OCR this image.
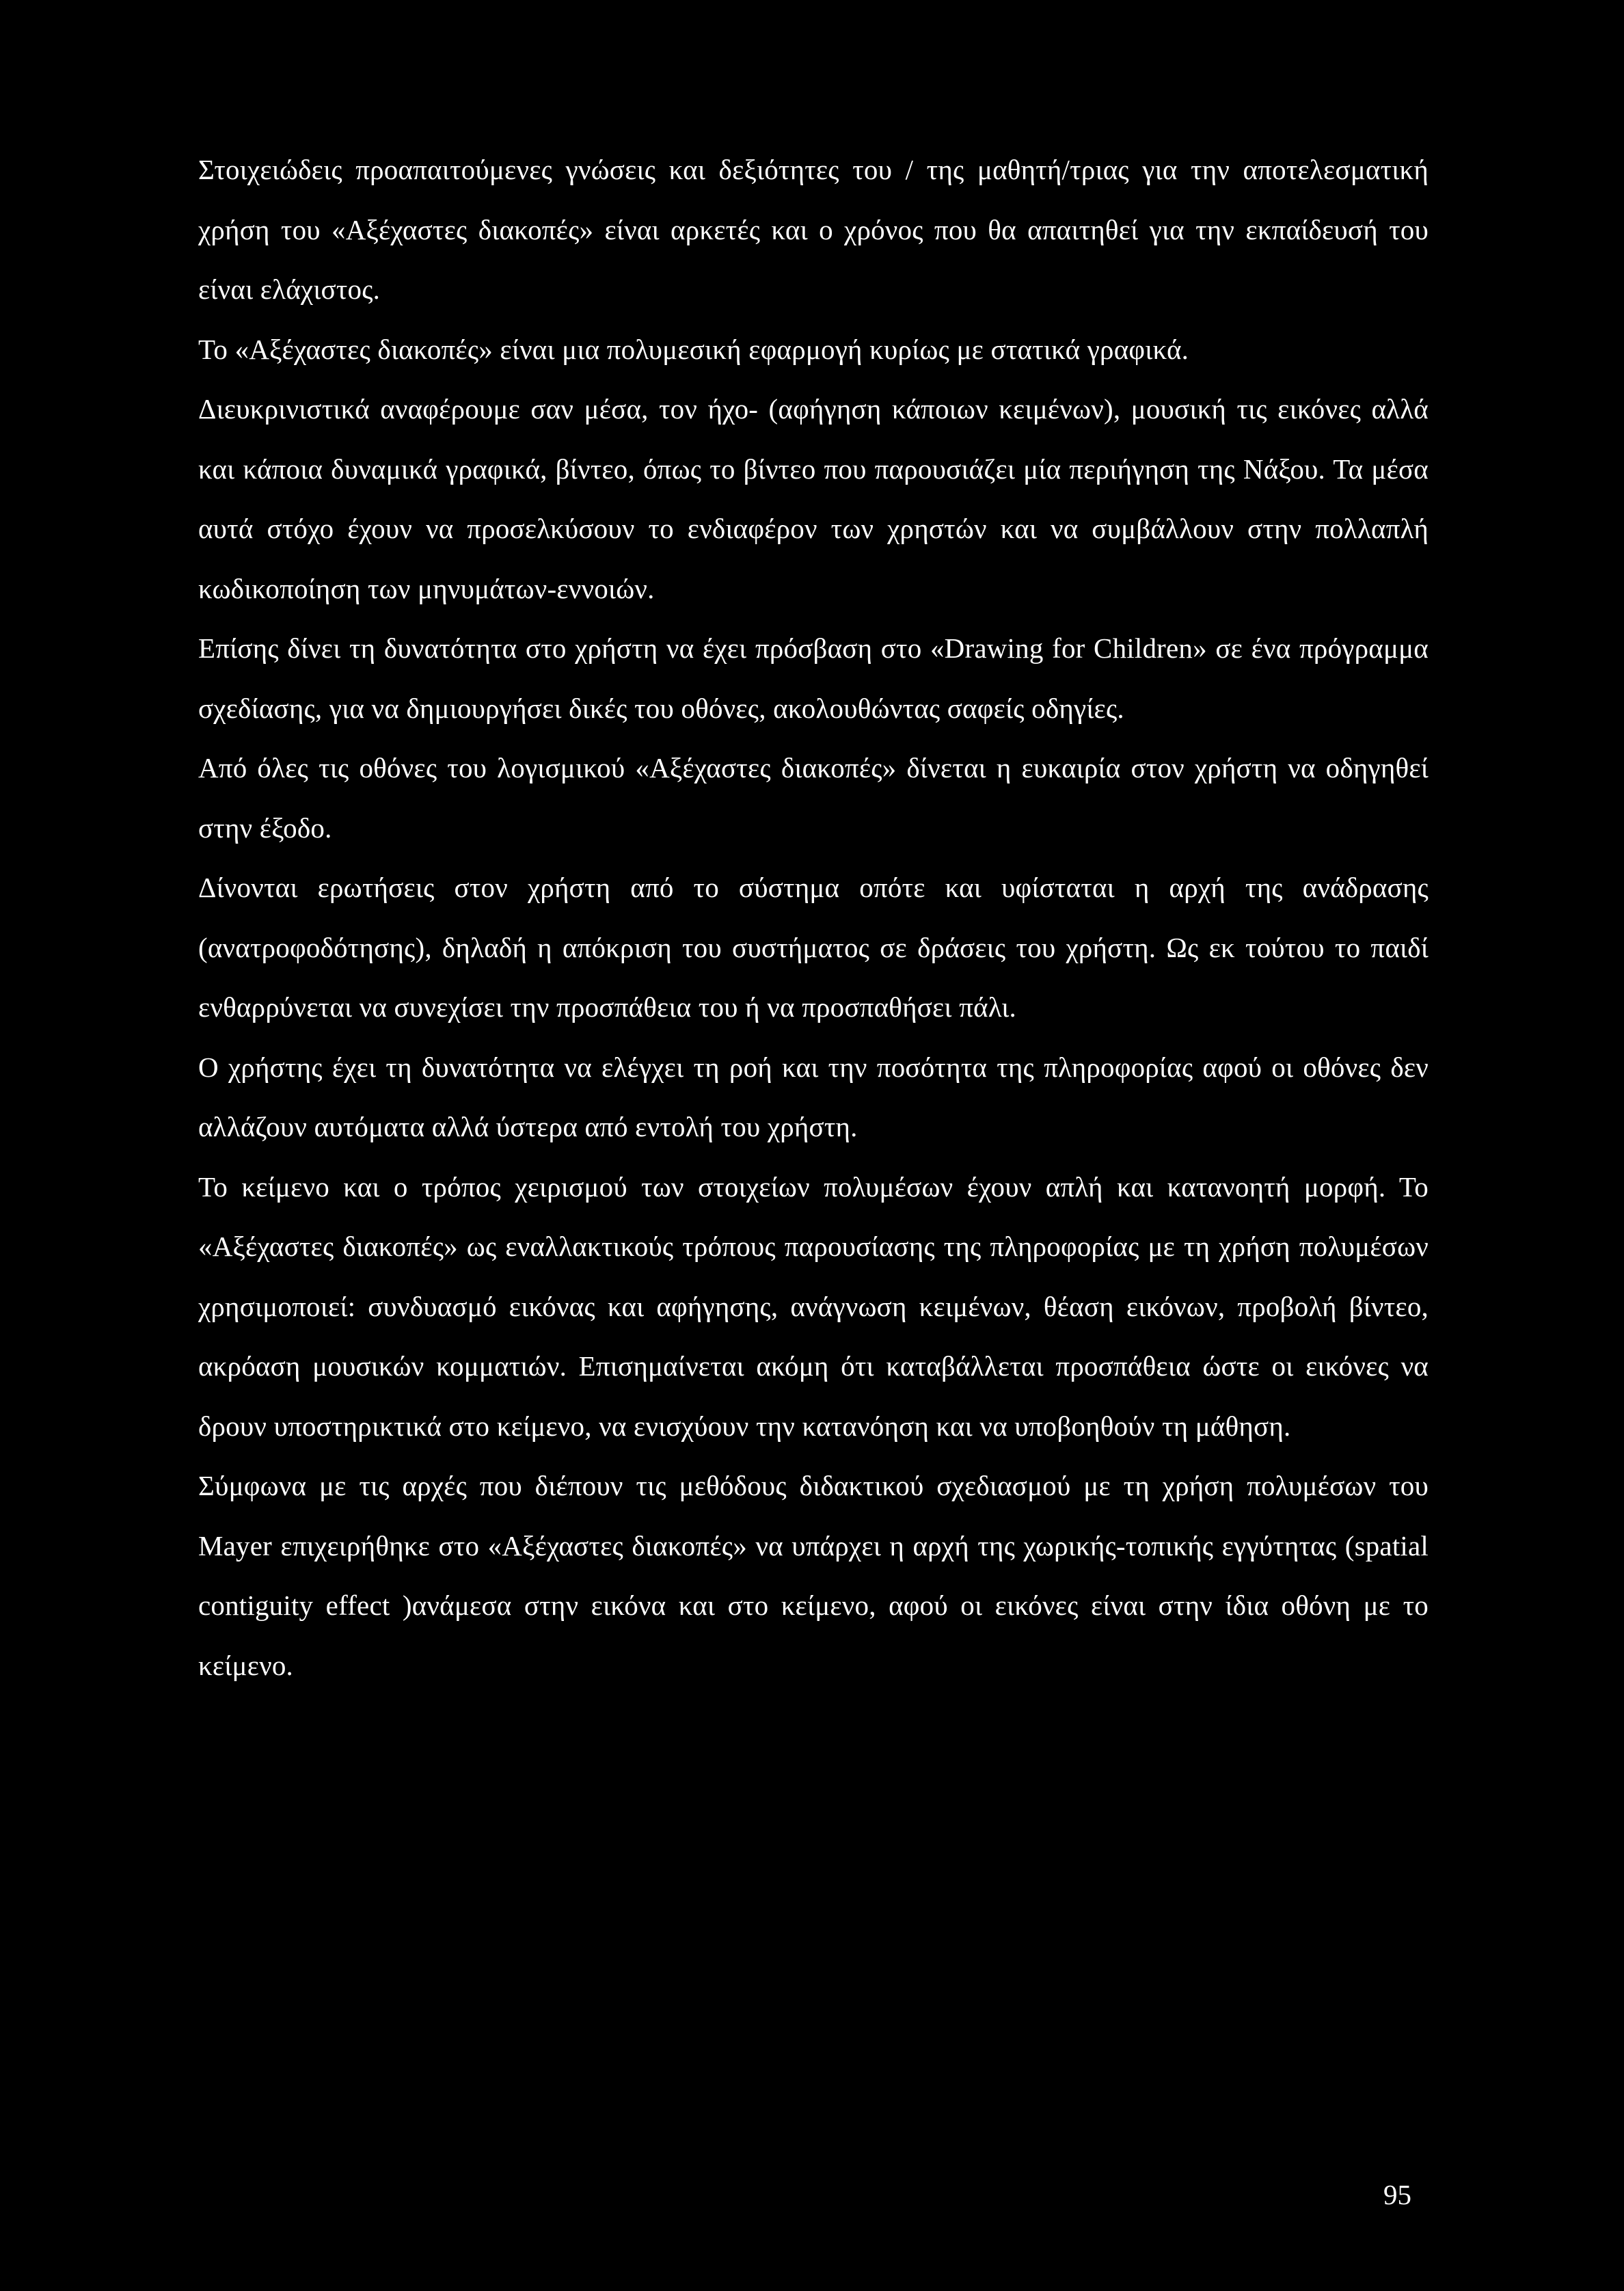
Στοιχειώδεις προαπαιτούμενες γνώσεις και δεξιότητες του / της μαθητή/τριας για την αποτελεσματική χρήση του «Αξέχαστες διακοπές» είναι αρκετές και ο χρόνος που θα απαιτηθεί για την εκπαίδευσή του είναι ελάχιστος.

Το «Αξέχαστες διακοπές» είναι μια πολυμεσική εφαρμογή κυρίως με στατικά γραφικά.

Διευκρινιστικά αναφέρουμε σαν μέσα, τον ήχο- (αφήγηση κάποιων κειμένων), μουσική τις εικόνες αλλά και κάποια δυναμικά γραφικά, βίντεο, όπως το βίντεο που παρουσιάζει μία περιήγηση της Νάξου. Τα μέσα αυτά στόχο έχουν να προσελκύσουν το ενδιαφέρον των χρηστών και να συμβάλλουν στην πολλαπλή κωδικοποίηση των μηνυμάτων-εννοιών.

Επίσης δίνει τη δυνατότητα στο χρήστη να έχει πρόσβαση στο «Drawing for Children» σε ένα πρόγραμμα σχεδίασης, για να δημιουργήσει δικές του οθόνες, ακολουθώντας σαφείς οδηγίες.

Από όλες τις οθόνες του λογισμικού «Αξέχαστες διακοπές» δίνεται η ευκαιρία στον χρήστη να οδηγηθεί στην έξοδο.

Δίνονται ερωτήσεις στον χρήστη από το σύστημα οπότε και υφίσταται η αρχή της ανάδρασης (ανατροφοδότησης), δηλαδή η απόκριση του συστήματος σε δράσεις του χρήστη. Ως εκ τούτου το παιδί ενθαρρύνεται να συνεχίσει την προσπάθεια του ή να προσπαθήσει πάλι.

Ο χρήστης έχει τη δυνατότητα να ελέγχει τη ροή και την ποσότητα της πληροφορίας αφού οι οθόνες δεν αλλάζουν αυτόματα αλλά ύστερα από εντολή του χρήστη.

Το κείμενο και ο τρόπος χειρισμού των στοιχείων πολυμέσων έχουν απλή και κατανοητή μορφή. Το «Αξέχαστες διακοπές» ως εναλλακτικούς τρόπους παρουσίασης της πληροφορίας με τη χρήση πολυμέσων χρησιμοποιεί: συνδυασμό εικόνας και αφήγησης, ανάγνωση κειμένων, θέαση εικόνων, προβολή βίντεο, ακρόαση μουσικών κομματιών. Επισημαίνεται ακόμη ότι καταβάλλεται προσπάθεια ώστε οι εικόνες να δρουν υποστηρικτικά στο κείμενο, να ενισχύουν την κατανόηση και να υποβοηθούν τη μάθηση.

Σύμφωνα με τις αρχές που διέπουν τις μεθόδους διδακτικού σχεδιασμού με τη χρήση πολυμέσων του Mayer επιχειρήθηκε στο «Αξέχαστες διακοπές» να υπάρχει η αρχή της χωρικής-τοπικής εγγύτητας (spatial contiguity effect )ανάμεσα στην εικόνα και στο κείμενο, αφού οι εικόνες είναι στην ίδια οθόνη με το κείμενο.

95
